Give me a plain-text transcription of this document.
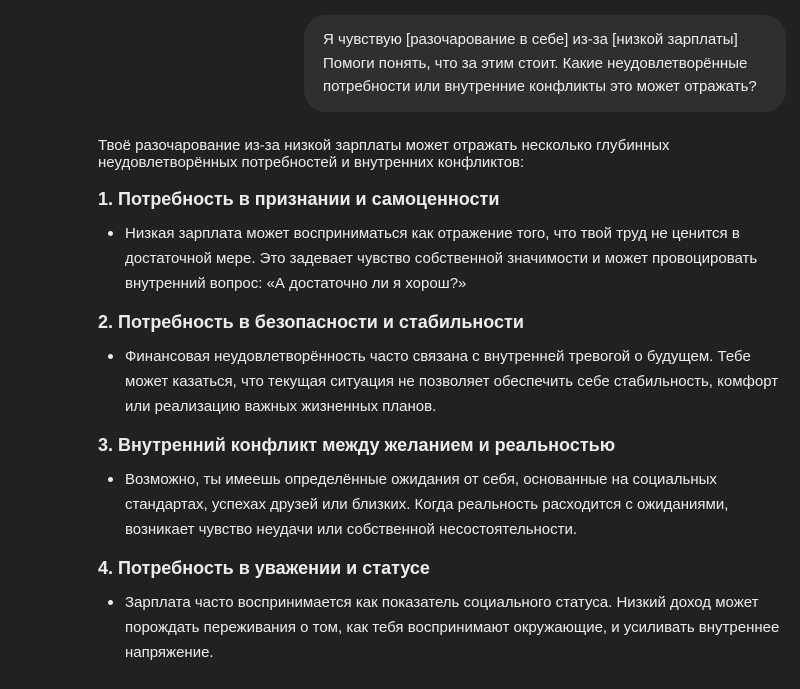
Я чувствую [разочарование в себе] из-за [низкой зарплаты]
Помоги понять, что за этим стоит. Какие неудовлетворённые
потребности или внутренние конфликты это может отражать?

Твоё разочарование из-за низкой зарплаты может отражать несколько глубинных
неудовлетворённых потребностей и внутренних конфликтов:

1. Потребность в признании и самоценности
Низкая зарплата может восприниматься как отражение того, что твой труд не ценится в
достаточной мере. Это задевает чувство собственной значимости и может провоцировать
внутренний вопрос: «А достаточно ли я хорош?»
2. Потребность в безопасности и стабильности
Финансовая неудовлетворённость часто связана с внутренней тревогой о будущем. Тебе
может казаться, что текущая ситуация не позволяет обеспечить себе стабильность, комфорт
или реализацию важных жизненных планов.
3. Внутренний конфликт между желанием и реальностью
Возможно, ты имеешь определённые ожидания от себя, основанные на социальных
стандартах, успехах друзей или близких. Когда реальность расходится с ожиданиями,
возникает чувство неудачи или собственной несостоятельности.
4. Потребность в уважении и статусе
Зарплата часто воспринимается как показатель социального статуса. Низкий доход может
порождать переживания о том, как тебя воспринимают окружающие, и усиливать внутреннее
напряжение.
